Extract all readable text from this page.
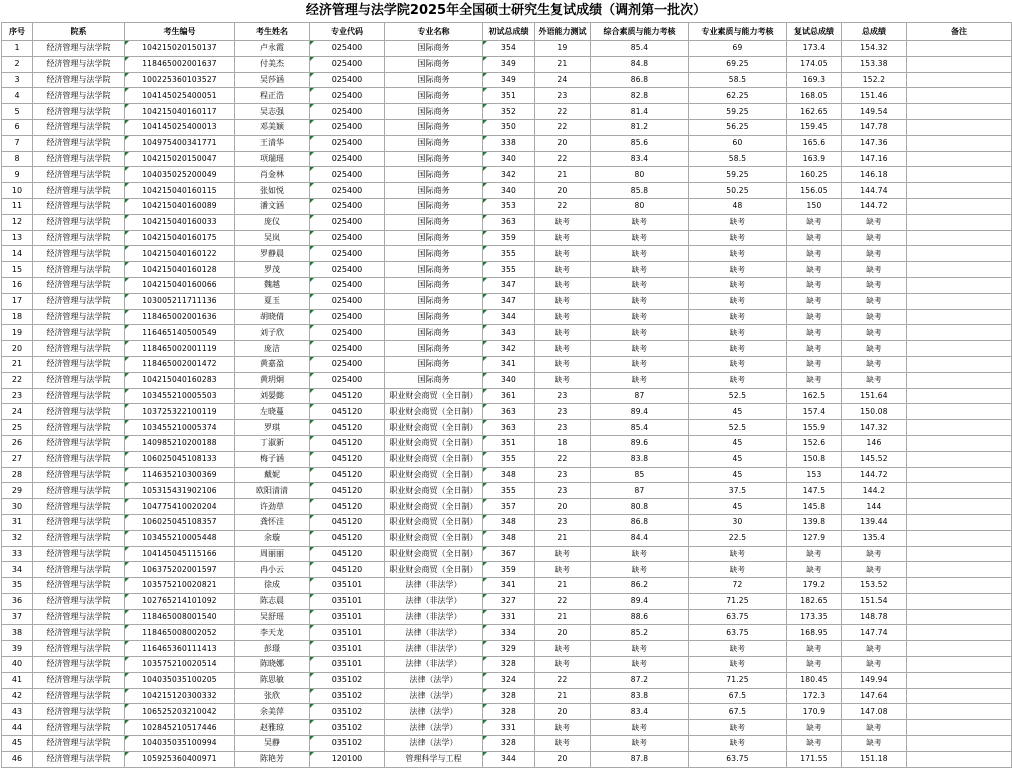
经济管理与法学院2025年全国硕士研究生复试成绩（调剂第一批次）
序号	院系	考生编号	考生姓名	专业代码	专业名称	初试总成绩	外语能力测试	综合素质与能力考核	专业素质与能力考核	复试总成绩	总成绩	备注
1	经济管理与法学院	104215020150137	卢永霞	025400	国际商务	354	19	85.4	69	173.4	154.32	
2	经济管理与法学院	118465002001637	付美杰	025400	国际商务	349	21	84.8	69.25	174.05	153.38	
3	经济管理与法学院	100225360103527	吴莎涵	025400	国际商务	349	24	86.8	58.5	169.3	152.2	
4	经济管理与法学院	104145025400051	程正浩	025400	国际商务	351	23	82.8	62.25	168.05	151.46	
5	经济管理与法学院	104215040160117	吴志强	025400	国际商务	352	22	81.4	59.25	162.65	149.54	
6	经济管理与法学院	104145025400013	邓美颖	025400	国际商务	350	22	81.2	56.25	159.45	147.78	
7	经济管理与法学院	104975400341771	王清华	025400	国际商务	338	20	85.6	60	165.6	147.36	
8	经济管理与法学院	104215020150047	项瑞瑶	025400	国际商务	340	22	83.4	58.5	163.9	147.16	
9	经济管理与法学院	104035025200049	肖金林	025400	国际商务	342	21	80	59.25	160.25	146.18	
10	经济管理与法学院	104215040160115	张如悦	025400	国际商务	340	20	85.8	50.25	156.05	144.74	
11	经济管理与法学院	104215040160089	潘文涵	025400	国际商务	353	22	80	48	150	144.72	
12	经济管理与法学院	104215040160033	庞仪	025400	国际商务	363	缺考	缺考	缺考	缺考	缺考	
13	经济管理与法学院	104215040160175	吴岚	025400	国际商务	359	缺考	缺考	缺考	缺考	缺考	
14	经济管理与法学院	104215040160122	罗静晨	025400	国际商务	355	缺考	缺考	缺考	缺考	缺考	
15	经济管理与法学院	104215040160128	罗茂	025400	国际商务	355	缺考	缺考	缺考	缺考	缺考	
16	经济管理与法学院	104215040160066	魏越	025400	国际商务	347	缺考	缺考	缺考	缺考	缺考	
17	经济管理与法学院	103005211711136	夏玉	025400	国际商务	347	缺考	缺考	缺考	缺考	缺考	
18	经济管理与法学院	118465002001636	胡晓倩	025400	国际商务	344	缺考	缺考	缺考	缺考	缺考	
19	经济管理与法学院	116465140500549	刘子欣	025400	国际商务	343	缺考	缺考	缺考	缺考	缺考	
20	经济管理与法学院	118465002001119	庞洁	025400	国际商务	342	缺考	缺考	缺考	缺考	缺考	
21	经济管理与法学院	118465002001472	黄嘉盈	025400	国际商务	341	缺考	缺考	缺考	缺考	缺考	
22	经济管理与法学院	104215040160283	黄玥炯	025400	国际商务	340	缺考	缺考	缺考	缺考	缺考	
23	经济管理与法学院	103455210005503	刘晏懿	045120	职业财会商贸（全日制）	361	23	87	52.5	162.5	151.64	
24	经济管理与法学院	103725322100119	左晓蔓	045120	职业财会商贸（全日制）	363	23	89.4	45	157.4	150.08	
25	经济管理与法学院	103455210005374	罗琪	045120	职业财会商贸（全日制）	363	23	85.4	52.5	155.9	147.32	
26	经济管理与法学院	140985210200188	丁淑新	045120	职业财会商贸（全日制）	351	18	89.6	45	152.6	146	
27	经济管理与法学院	106025045108133	梅子涵	045120	职业财会商贸（全日制）	355	22	83.8	45	150.8	145.52	
28	经济管理与法学院	114635210300369	戴妮	045120	职业财会商贸（全日制）	348	23	85	45	153	144.72	
29	经济管理与法学院	105315431902106	欧阳清清	045120	职业财会商贸（全日制）	355	23	87	37.5	147.5	144.2	
30	经济管理与法学院	104775410020204	许劲草	045120	职业财会商贸（全日制）	357	20	80.8	45	145.8	144	
31	经济管理与法学院	106025045108357	龚怀洼	045120	职业财会商贸（全日制）	348	23	86.8	30	139.8	139.44	
32	经济管理与法学院	103455210005448	余璇	045120	职业财会商贸（全日制）	348	21	84.4	22.5	127.9	135.4	
33	经济管理与法学院	104145045115166	周丽丽	045120	职业财会商贸（全日制）	367	缺考	缺考	缺考	缺考	缺考	
34	经济管理与法学院	106375202001597	冉小云	045120	职业财会商贸（全日制）	359	缺考	缺考	缺考	缺考	缺考	
35	经济管理与法学院	103575210020821	徐成	035101	法律（非法学）	341	21	86.2	72	179.2	153.52	
36	经济管理与法学院	102765214101092	陈志晨	035101	法律（非法学）	327	22	89.4	71.25	182.65	151.54	
37	经济管理与法学院	118465008001540	吴舒瑶	035101	法律（非法学）	331	21	88.6	63.75	173.35	148.78	
38	经济管理与法学院	118465008002052	李天龙	035101	法律（非法学）	334	20	85.2	63.75	168.95	147.74	
39	经济管理与法学院	116465360111413	彭璟	035101	法律（非法学）	329	缺考	缺考	缺考	缺考	缺考	
40	经济管理与法学院	103575210020514	陈晓娜	035101	法律（非法学）	328	缺考	缺考	缺考	缺考	缺考	
41	经济管理与法学院	104035035100205	陈思敏	035102	法律（法学）	324	22	87.2	71.25	180.45	149.94	
42	经济管理与法学院	104215120300332	张欣	035102	法律（法学）	328	21	83.8	67.5	172.3	147.64	
43	经济管理与法学院	106525203210042	余美萍	035102	法律（法学）	328	20	83.4	67.5	170.9	147.08	
44	经济管理与法学院	102845210517446	赵雅琼	035102	法律（法学）	331	缺考	缺考	缺考	缺考	缺考	
45	经济管理与法学院	104035035100994	吴静	035102	法律（法学）	328	缺考	缺考	缺考	缺考	缺考	
46	经济管理与法学院	105925360400971	陈艳芳	120100	管理科学与工程	344	20	87.8	63.75	171.55	151.18	
